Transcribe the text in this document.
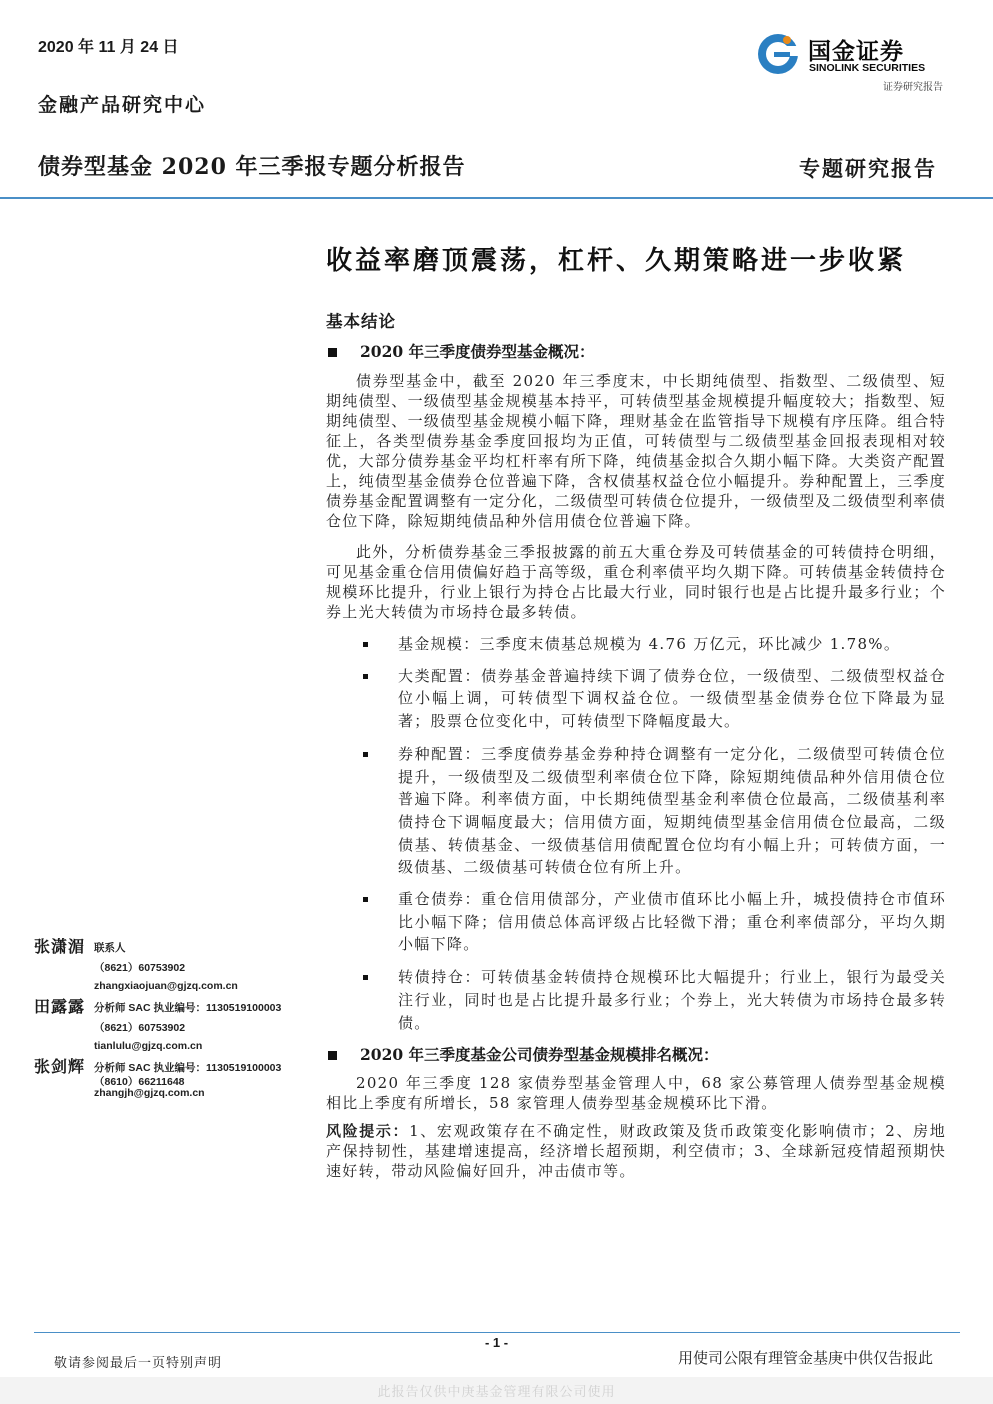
2020 年 11 月 24 日
金融产品研究中心
债券型基金 2020 年三季报专题分析报告	专题研究报告
国金证券
SINOLINK SECURITIES
证券研究报告
收益率磨顶震荡，杠杆、久期策略进一步收紧
基本结论
2020 年三季度债券型基金概况：

债券型基金中，截至 2020 年三季度末，中长期纯债型、指数型、二级债型、短期纯债型、一级债型基金规模基本持平，可转债型基金规模提升幅度较大；指数型、短期纯债型、一级债型基金规模小幅下降，理财基金在监管指导下规模有序压降。组合特征上，各类型债券基金季度回报均为正值，可转债型与二级债型基金回报表现相对较优，大部分债券基金平均杠杆率有所下降，纯债基金拟合久期小幅下降。大类资产配置上，纯债型基金债券仓位普遍下降，含权债基权益仓位小幅提升。券种配置上，三季度债券基金配置调整有一定分化，二级债型可转债仓位提升，一级债型及二级债型利率债仓位下降，除短期纯债品种外信用债仓位普遍下降。

此外，分析债券基金三季报披露的前五大重仓券及可转债基金的可转债持仓明细，可见基金重仓信用债偏好趋于高等级，重仓利率债平均久期下降。可转债基金转债持仓规模环比提升，行业上银行为持仓占比最大行业，同时银行也是占比提升最多行业；个券上光大转债为市场持仓最多转债。

基金规模：三季度末债基总规模为 4.76 万亿元，环比减少 1.78%。
大类配置：债券基金普遍持续下调了债券仓位，一级债型、二级债型权益仓位小幅上调，可转债型下调权益仓位。一级债型基金债券仓位下降最为显著；股票仓位变化中，可转债型下降幅度最大。
券种配置：三季度债券基金券种持仓调整有一定分化，二级债型可转债仓位提升，一级债型及二级债型利率债仓位下降，除短期纯债品种外信用债仓位普遍下降。利率债方面，中长期纯债型基金利率债仓位最高，二级债基利率债持仓下调幅度最大；信用债方面，短期纯债型基金信用债仓位最高，二级债基、转债基金、一级债基信用债配置仓位均有小幅上升；可转债方面，一级债基、二级债基可转债仓位有所上升。
重仓债券：重仓信用债部分，产业债市值环比小幅上升，城投债持仓市值环比小幅下降；信用债总体高评级占比轻微下滑；重仓利率债部分，平均久期小幅下降。
转债持仓：可转债基金转债持仓规模环比大幅提升；行业上，银行为最受关注行业，同时也是占比提升最多行业；个券上，光大转债为市场持仓最多转债。
2020 年三季度基金公司债券型基金规模排名概况：

2020 年三季度 128 家债券型基金管理人中，68 家公募管理人债券型基金规模相比上季度有所增长，58 家管理人债券型基金规模环比下滑。

风险提示：1、宏观政策存在不确定性，财政政策及货币政策变化影响债市；2、房地产保持韧性，基建增速提高，经济增长超预期，利空债市；3、全球新冠疫情超预期快速好转，带动风险偏好回升，冲击债市等。

张潇湄 联系人
（8621）60753902
zhangxiaojuan@gjzq.com.cn
田露露 分析师 SAC 执业编号：1130519100003
（8621）60753902
tianlulu@gjzq.com.cn
张剑辉 分析师 SAC 执业编号：1130519100003
（8610）66211648
zhangjh@gjzq.com.cn
- 1 -
敬请参阅最后一页特别声明	用使司公限有理管金基庚中供仅告报此
此报告仅供中庚基金管理有限公司使用
